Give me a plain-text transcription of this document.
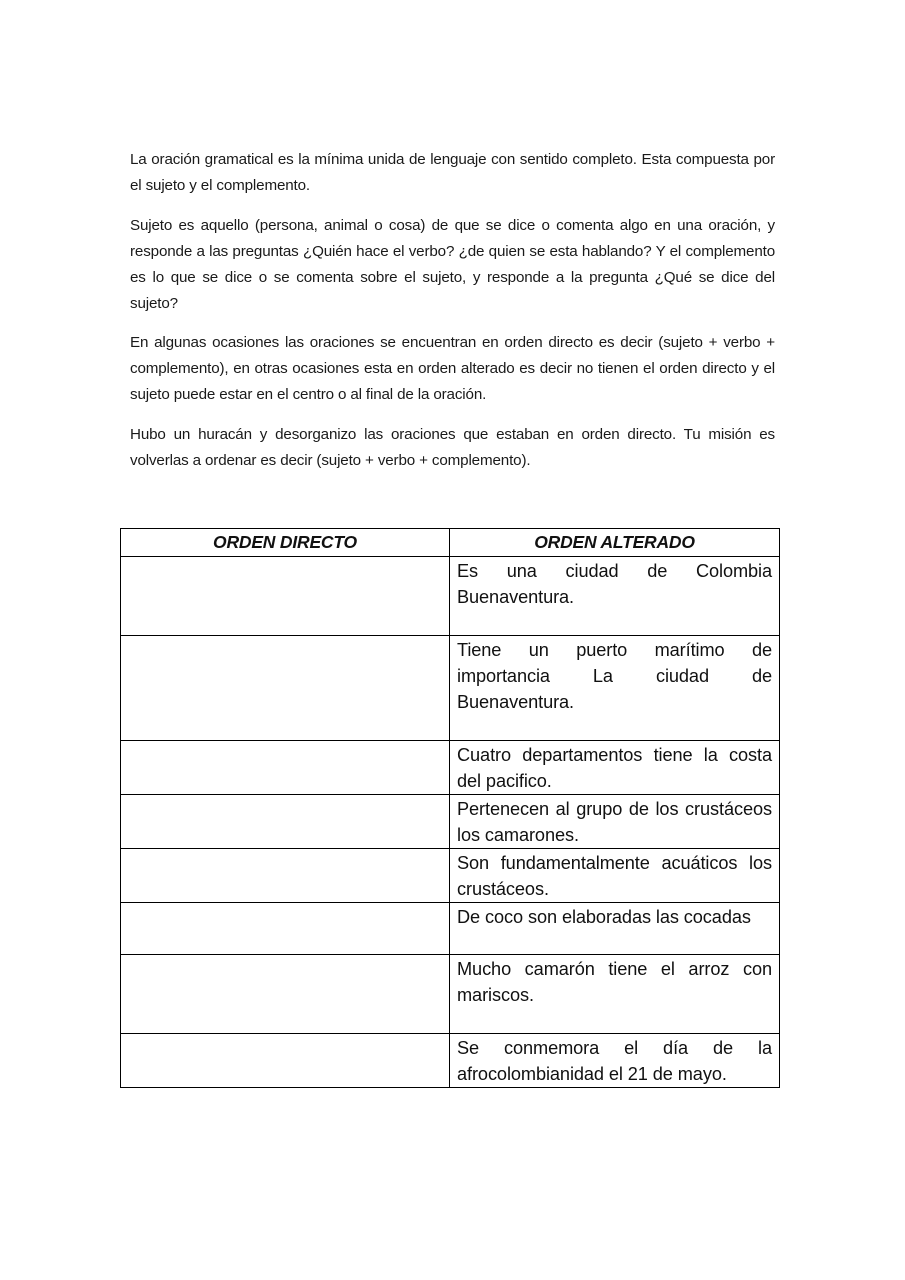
La oración gramatical es la mínima unida de lenguaje con sentido completo. Esta compuesta por el sujeto y el complemento.

Sujeto es aquello (persona, animal o cosa) de que se dice o comenta algo en una oración, y responde a las preguntas ¿Quién hace el verbo? ¿de quien se esta hablando? Y el complemento es lo que se dice o se comenta sobre el sujeto, y responde a la pregunta ¿Qué se dice del sujeto?

En algunas ocasiones las oraciones se encuentran en orden directo es decir (sujeto + verbo + complemento), en otras ocasiones esta en orden alterado es decir no tienen el orden directo y el sujeto puede estar en el centro o al final de la oración.

Hubo un huracán y desorganizo las oraciones que estaban en orden directo. Tu misión es volverlas a ordenar es decir (sujeto + verbo + complemento).

ORDEN DIRECTO	ORDEN ALTERADO
	Es una ciudad de Colombia Buenaventura.
	Tiene un puerto marítimo de importancia La ciudad de Buenaventura.
	Cuatro departamentos tiene la costa del pacifico.
	Pertenecen al grupo de los crustáceos los camarones.
	Son fundamentalmente acuáticos los crustáceos.
	De coco son elaboradas las cocadas
	Mucho camarón tiene el arroz con mariscos.
	Se conmemora el día de la afrocolombianidad el 21 de mayo.
